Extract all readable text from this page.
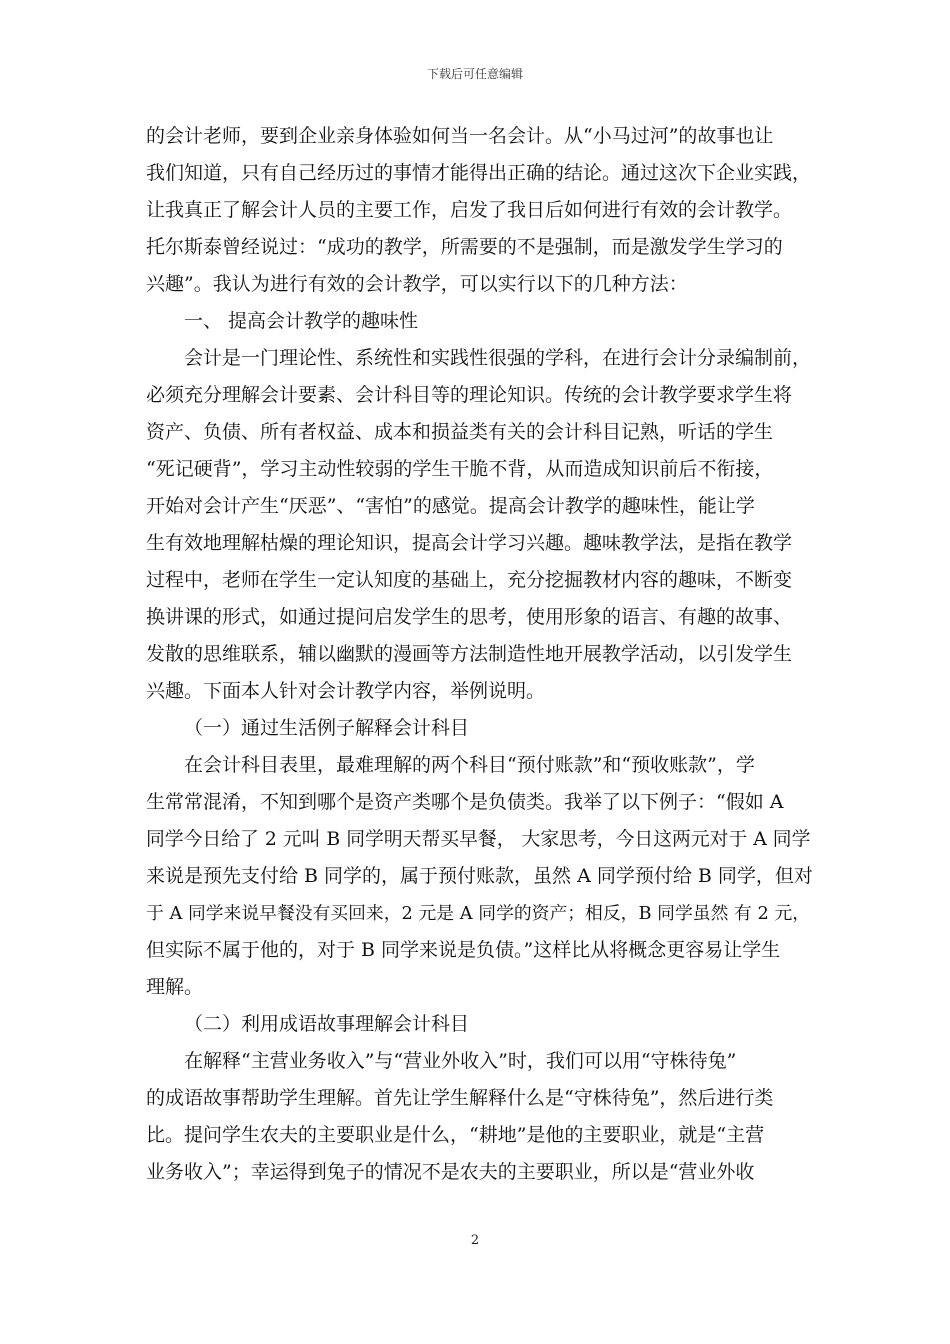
下载后可任意编辑

的会计老师，要到企业亲身体验如何当一名会计。从“小马过河”的故事也让
我们知道，只有自己经历过的事情才能得出正确的结论。通过这次下企业实践，
让我真正了解会计人员的主要工作，启发了我日后如何进行有效的会计教学。
托尔斯泰曾经说过：“成功的教学，所需要的不是强制，而是激发学生学习的
兴趣”。我认为进行有效的会计教学，可以实行以下的几种方法：
一、 提高会计教学的趣味性
会计是一门理论性、系统性和实践性很强的学科，在进行会计分录编制前，
必须充分理解会计要素、会计科目等的理论知识。传统的会计教学要求学生将
资产、负债、所有者权益、成本和损益类有关的会计科目记熟，听话的学生
“死记硬背”，学习主动性较弱的学生干脆不背，从而造成知识前后不衔接，
开始对会计产生“厌恶”、“害怕”的感觉。提高会计教学的趣味性，能让学
生有效地理解枯燥的理论知识，提高会计学习兴趣。趣味教学法，是指在教学
过程中，老师在学生一定认知度的基础上，充分挖掘教材内容的趣味，不断变
换讲课的形式，如通过提问启发学生的思考，使用形象的语言、有趣的故事、
发散的思维联系，辅以幽默的漫画等方法制造性地开展教学活动，以引发学生
兴趣。下面本人针对会计教学内容，举例说明。
（一）通过生活例子解释会计科目
在会计科目表里，最难理解的两个科目“预付账款”和“预收账款”，学
生常常混淆，不知到哪个是资产类哪个是负债类。我举了以下例子：“假如 A
同学今日给了 2 元叫 B 同学明天帮买早餐， 大家思考，今日这两元对于 A 同学
来说是预先支付给 B 同学的，属于预付账款，虽然 A 同学预付给 B 同学，但对
于 A 同学来说早餐没有买回来，2 元是 A 同学的资产；相反，B 同学虽然 有 2 元，
但实际不属于他的，对于 B 同学来说是负债。”这样比从将概念更容易让学生
理解。
（二）利用成语故事理解会计科目
在解释“主营业务收入”与“营业外收入”时，我们可以用“守株待兔”
的成语故事帮助学生理解。首先让学生解释什么是“守株待兔”，然后进行类
比。提问学生农夫的主要职业是什么，“耕地”是他的主要职业，就是“主营
业务收入”；幸运得到兔子的情况不是农夫的主要职业，所以是“营业外收

2
